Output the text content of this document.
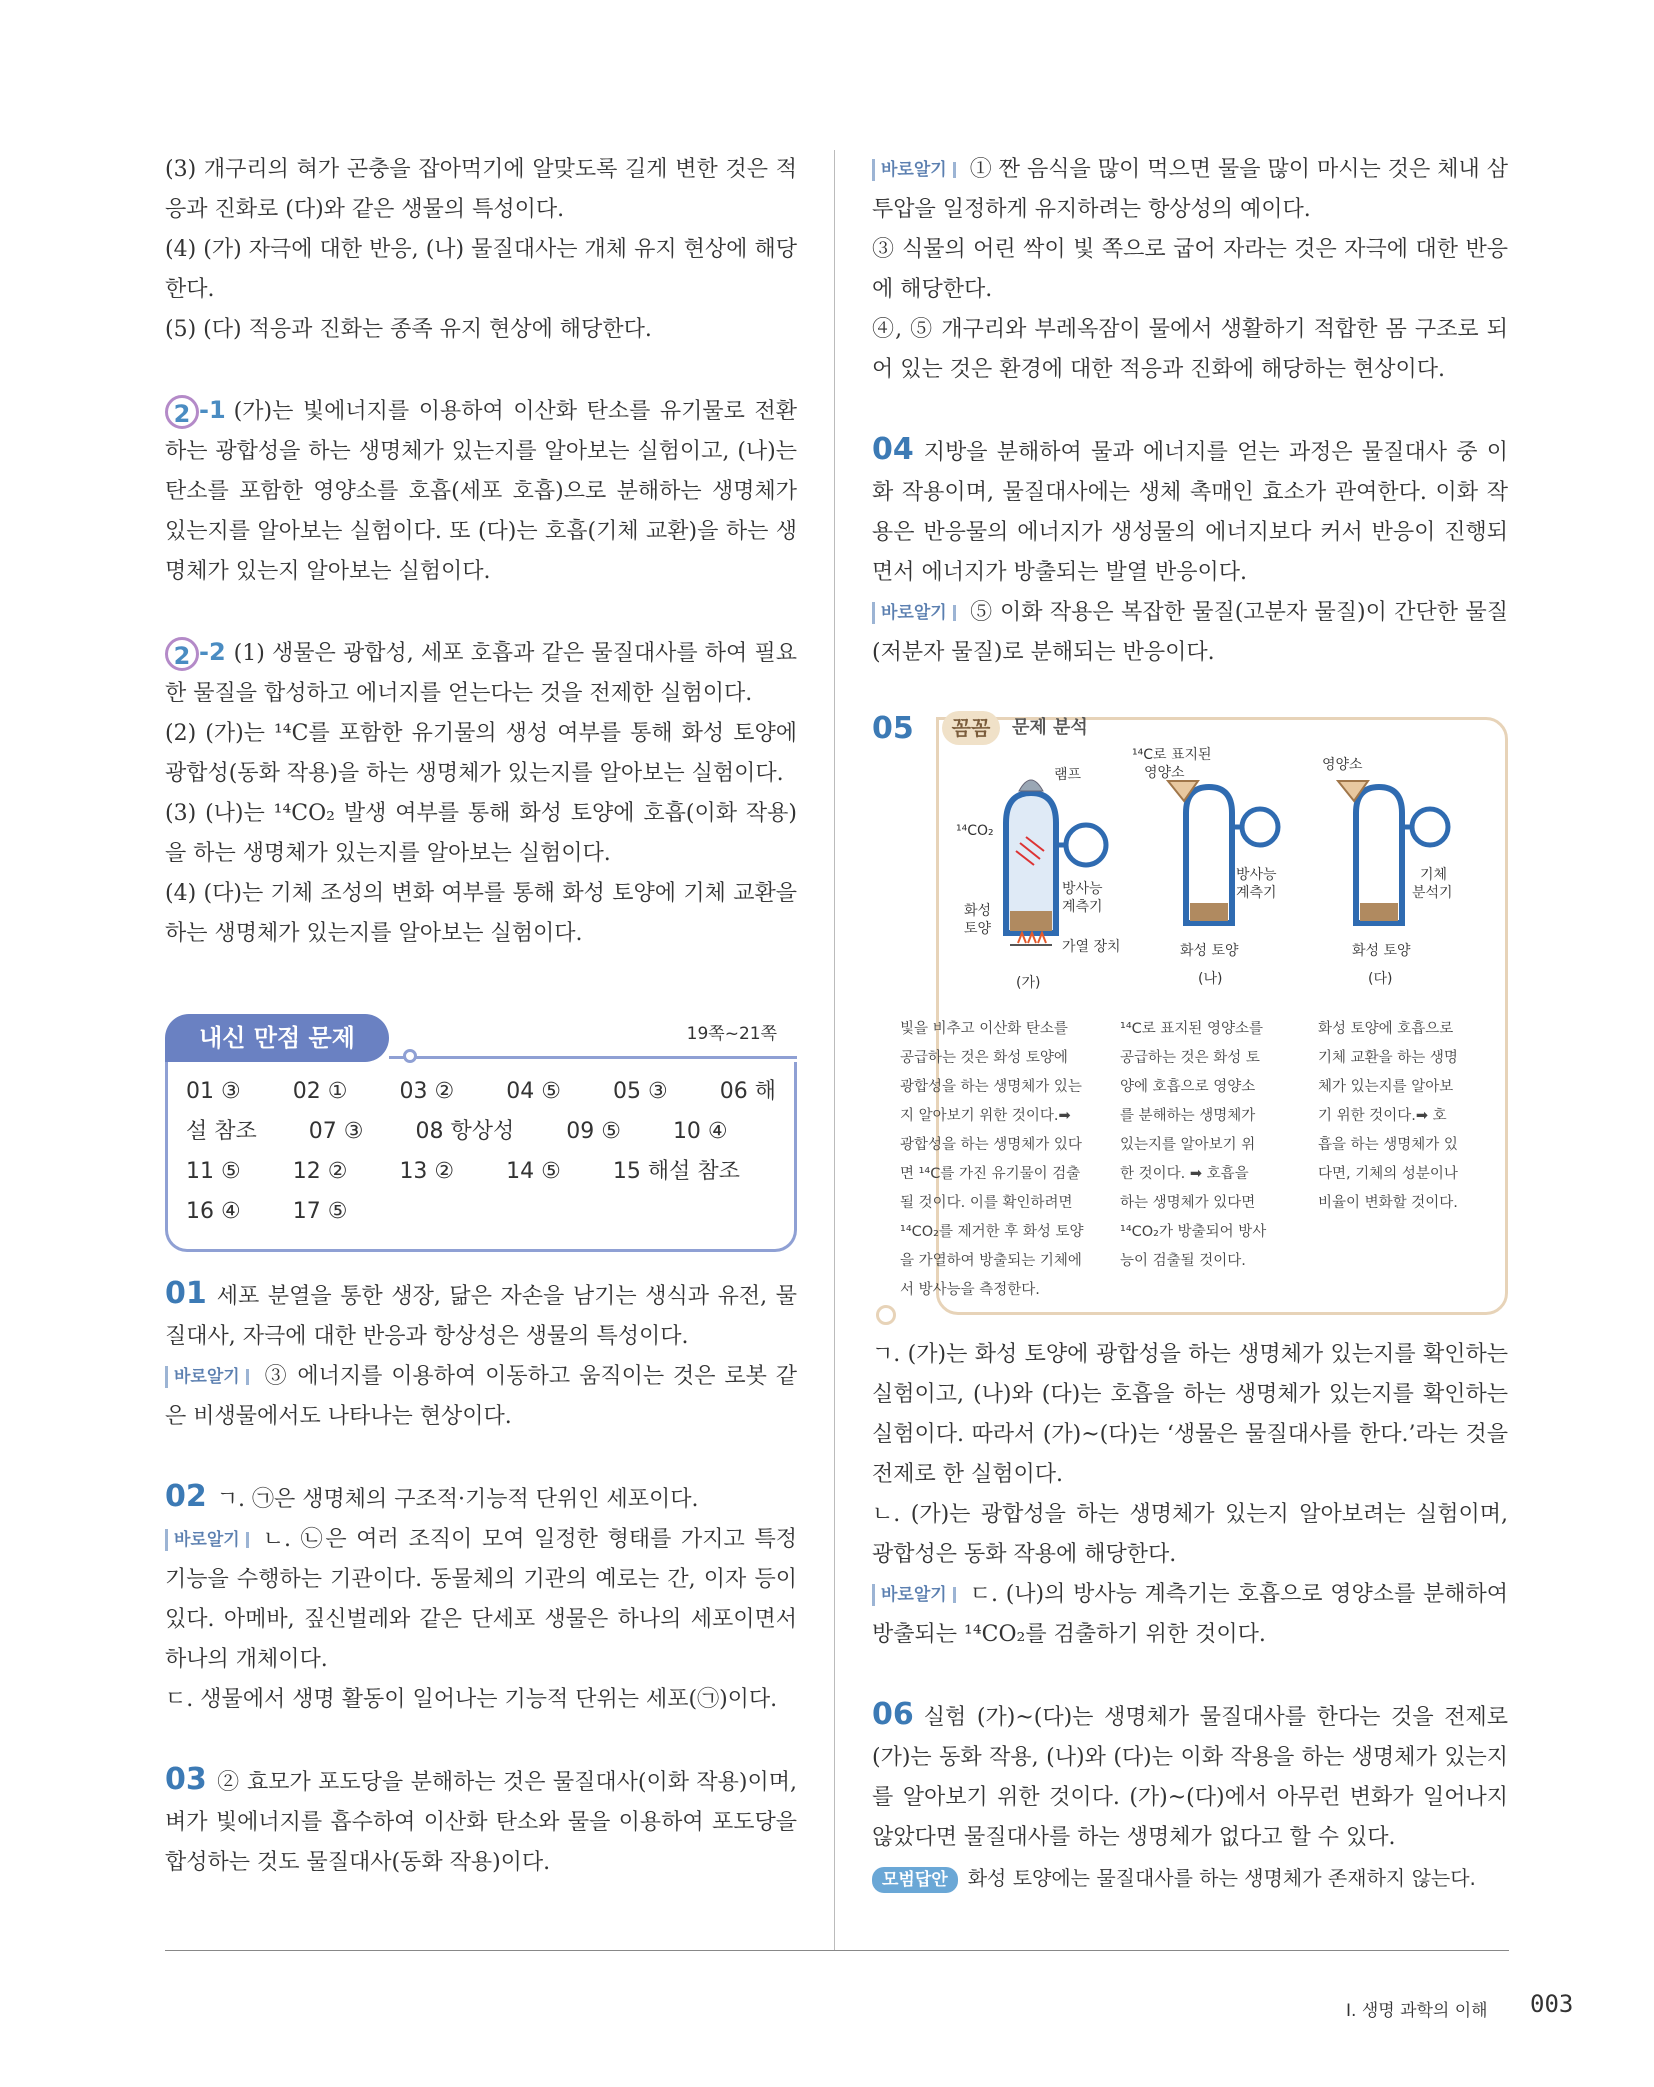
(3) 개구리의 혀가 곤충을 잡아먹기에 알맞도록 길게 변한 것은 적응과 진화로 (다)와 같은 생물의 특성이다.

(4) (가) 자극에 대한 반응, (나) 물질대사는 개체 유지 현상에 해당한다.

(5) (다) 적응과 진화는 종족 유지 현상에 해당한다.

2 -1 (가)는 빛에너지를 이용하여 이산화 탄소를 유기물로 전환하는 광합성을 하는 생명체가 있는지를 알아보는 실험이고, (나)는 탄소를 포함한 영양소를 호흡(세포 호흡)으로 분해하는 생명체가 있는지를 알아보는 실험이다. 또 (다)는 호흡(기체 교환)을 하는 생명체가 있는지 알아보는 실험이다.

2 -2 (1) 생물은 광합성, 세포 호흡과 같은 물질대사를 하여 필요한 물질을 합성하고 에너지를 얻는다는 것을 전제한 실험이다.

(2) (가)는 ¹⁴C를 포함한 유기물의 생성 여부를 통해 화성 토양에 광합성(동화 작용)을 하는 생명체가 있는지를 알아보는 실험이다.

(3) (나)는 ¹⁴CO₂ 발생 여부를 통해 화성 토양에 호흡(이화 작용)을 하는 생명체가 있는지를 알아보는 실험이다.

(4) (다)는 기체 조성의 변화 여부를 통해 화성 토양에 기체 교환을 하는 생명체가 있는지를 알아보는 실험이다.

내신 만점 문제	19쪽~21쪽
01 ③ 02 ① 03 ② 04 ⑤ 05 ③ 06 해
설 참조 07 ③ 08 항상성 09 ⑤ 10 ④
11 ⑤ 12 ② 13 ② 14 ⑤ 15 해설 참조
16 ④ 17 ⑤

01 세포 분열을 통한 생장, 닮은 자손을 남기는 생식과 유전, 물질대사, 자극에 대한 반응과 항상성은 생물의 특성이다.

바로알기 ③ 에너지를 이용하여 이동하고 움직이는 것은 로봇 같은 비생물에서도 나타나는 현상이다.

02 ㄱ. ㉠은 생명체의 구조적·기능적 단위인 세포이다.

바로알기 ㄴ. ㉡은 여러 조직이 모여 일정한 형태를 가지고 특정 기능을 수행하는 기관이다. 동물체의 기관의 예로는 간, 이자 등이 있다. 아메바, 짚신벌레와 같은 단세포 생물은 하나의 세포이면서 하나의 개체이다.

ㄷ. 생물에서 생명 활동이 일어나는 기능적 단위는 세포(㉠)이다.

03 ② 효모가 포도당을 분해하는 것은 물질대사(이화 작용)이며, 벼가 빛에너지를 흡수하여 이산화 탄소와 물을 이용하여 포도당을 합성하는 것도 물질대사(동화 작용)이다.

바로알기 ① 짠 음식을 많이 먹으면 물을 많이 마시는 것은 체내 삼투압을 일정하게 유지하려는 항상성의 예이다.

③ 식물의 어린 싹이 빛 쪽으로 굽어 자라는 것은 자극에 대한 반응에 해당한다.

④, ⑤ 개구리와 부레옥잠이 물에서 생활하기 적합한 몸 구조로 되어 있는 것은 환경에 대한 적응과 진화에 해당하는 현상이다.

04 지방을 분해하여 물과 에너지를 얻는 과정은 물질대사 중 이화 작용이며, 물질대사에는 생체 촉매인 효소가 관여한다. 이화 작용은 반응물의 에너지가 생성물의 에너지보다 커서 반응이 진행되면서 에너지가 방출되는 발열 반응이다.

바로알기 ⑤ 이화 작용은 복잡한 물질(고분자 물질)이 간단한 물질(저분자 물질)로 분해되는 반응이다.

05	꼼꼼	문제 분석
램프
¹⁴CO₂
방사능
계측기
화성
토양
가열 장치
(가)
¹⁴C로 표지된
영양소
방사능
계측기
화성 토양
(나)
영양소
기체
분석기
화성 토양
(다)
빛을 비추고 이산화 탄소를
공급하는 것은 화성 토양에
광합성을 하는 생명체가 있는
지 알아보기 위한 것이다.➡
광합성을 하는 생명체가 있다
면 ¹⁴C를 가진 유기물이 검출
될 것이다. 이를 확인하려면
¹⁴CO₂를 제거한 후 화성 토양
을 가열하여 방출되는 기체에
서 방사능을 측정한다.
¹⁴C로 표지된 영양소를
공급하는 것은 화성 토
양에 호흡으로 영양소
를 분해하는 생명체가
있는지를 알아보기 위
한 것이다. ➡ 호흡을
하는 생명체가 있다면
¹⁴CO₂가 방출되어 방사
능이 검출될 것이다.
화성 토양에 호흡으로
기체 교환을 하는 생명
체가 있는지를 알아보
기 위한 것이다.➡ 호
흡을 하는 생명체가 있
다면, 기체의 성분이나
비율이 변화할 것이다.

ㄱ. (가)는 화성 토양에 광합성을 하는 생명체가 있는지를 확인하는 실험이고, (나)와 (다)는 호흡을 하는 생명체가 있는지를 확인하는 실험이다. 따라서 (가)~(다)는 ‘생물은 물질대사를 한다.’라는 것을 전제로 한 실험이다.

ㄴ. (가)는 광합성을 하는 생명체가 있는지 알아보려는 실험이며, 광합성은 동화 작용에 해당한다.

바로알기 ㄷ. (나)의 방사능 계측기는 호흡으로 영양소를 분해하여 방출되는 ¹⁴CO₂를 검출하기 위한 것이다.

06 실험 (가)~(다)는 생명체가 물질대사를 한다는 것을 전제로 (가)는 동화 작용, (나)와 (다)는 이화 작용을 하는 생명체가 있는지를 알아보기 위한 것이다. (가)~(다)에서 아무런 변화가 일어나지 않았다면 물질대사를 하는 생명체가 없다고 할 수 있다.

모범답안 화성 토양에는 물질대사를 하는 생명체가 존재하지 않는다.

Ⅰ. 생명 과학의 이해 003
